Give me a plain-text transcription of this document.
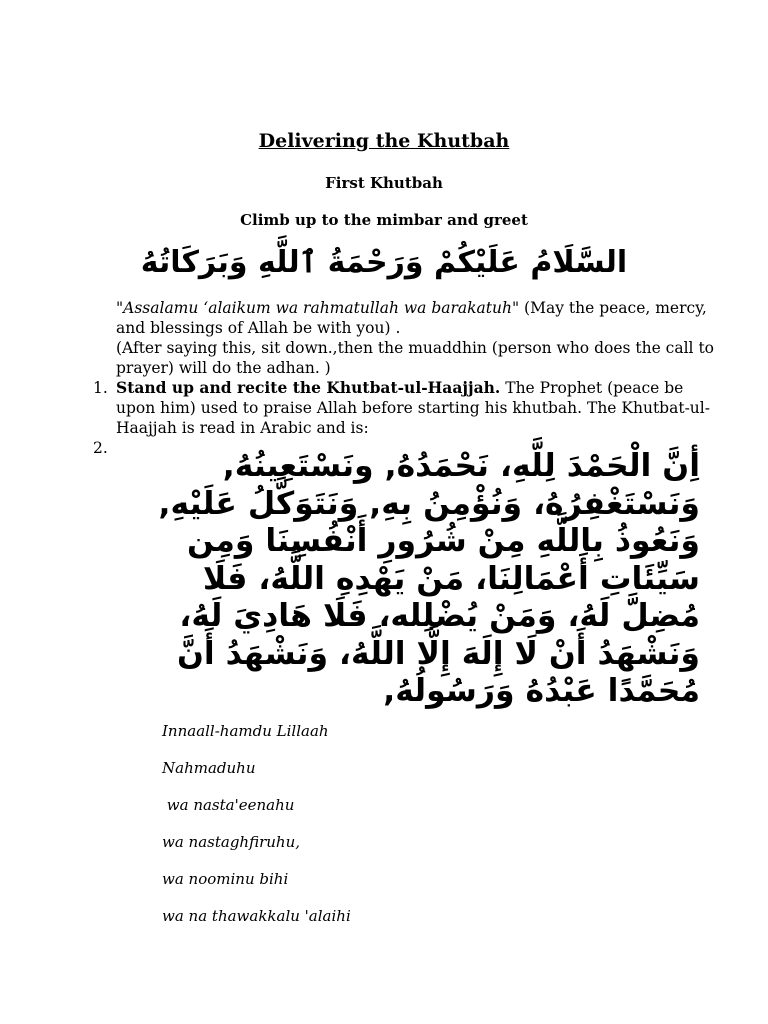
Delivering the Khutbah
First Khutbah
Climb up to the mimbar and greet
السَّلَامُ عَلَيْكُمْ وَرَحْمَةُ ٱللَّهِ وَبَرَكَاتُهُ
"Assalamu ‘alaikum wa rahmatullah wa barakatuh" (May the peace, mercy, and blessings of Allah be with you) .
(After saying this, sit down.,then the muaddhin (person who does the call to prayer) will do the adhan. )
1. Stand up and recite the Khutbat-ul-Haajjah. The Prophet (peace be upon him) used to praise Allah before starting his khutbah. The Khutbat-ul-Haajjah is read in Arabic and is:
2.	أِنَّ الْحَمْدَ لِلَّهِ، نَحْمَدُهُ, ونَسْتَعِينُهُ,
وَنَسْتَغْفِرُهُ، وَنُؤْمِنُ بِهِ, وَنَتَوَكَّلُ عَلَيْهِ,
وَنَعُوذُ بِاللَّهِ مِنْ شُرُورِ أَنْفُسِنَا وَمِن
سَيِّئَاتِ أَعْمَالِنَا، مَنْ يَهْدِهِ اللَّهُ، فَلَا
مُضِلَّ لَهُ، وَمَنْ يُضْلِله، فَلَا هَادِيَ لَهُ،
وَنَشْهَدُ أَنْ لَا إِلَهَ إِلَّا اللَّهُ، وَنَشْهَدُ أَنَّ
مُحَمَّدًا عَبْدُهُ وَرَسُولُهُ,
Innaall-hamdu Lillaah
Nahmaduhu
wa nasta'eenahu
wa nastaghfiruhu,
wa noominu bihi
wa na thawakkalu 'alaihi
